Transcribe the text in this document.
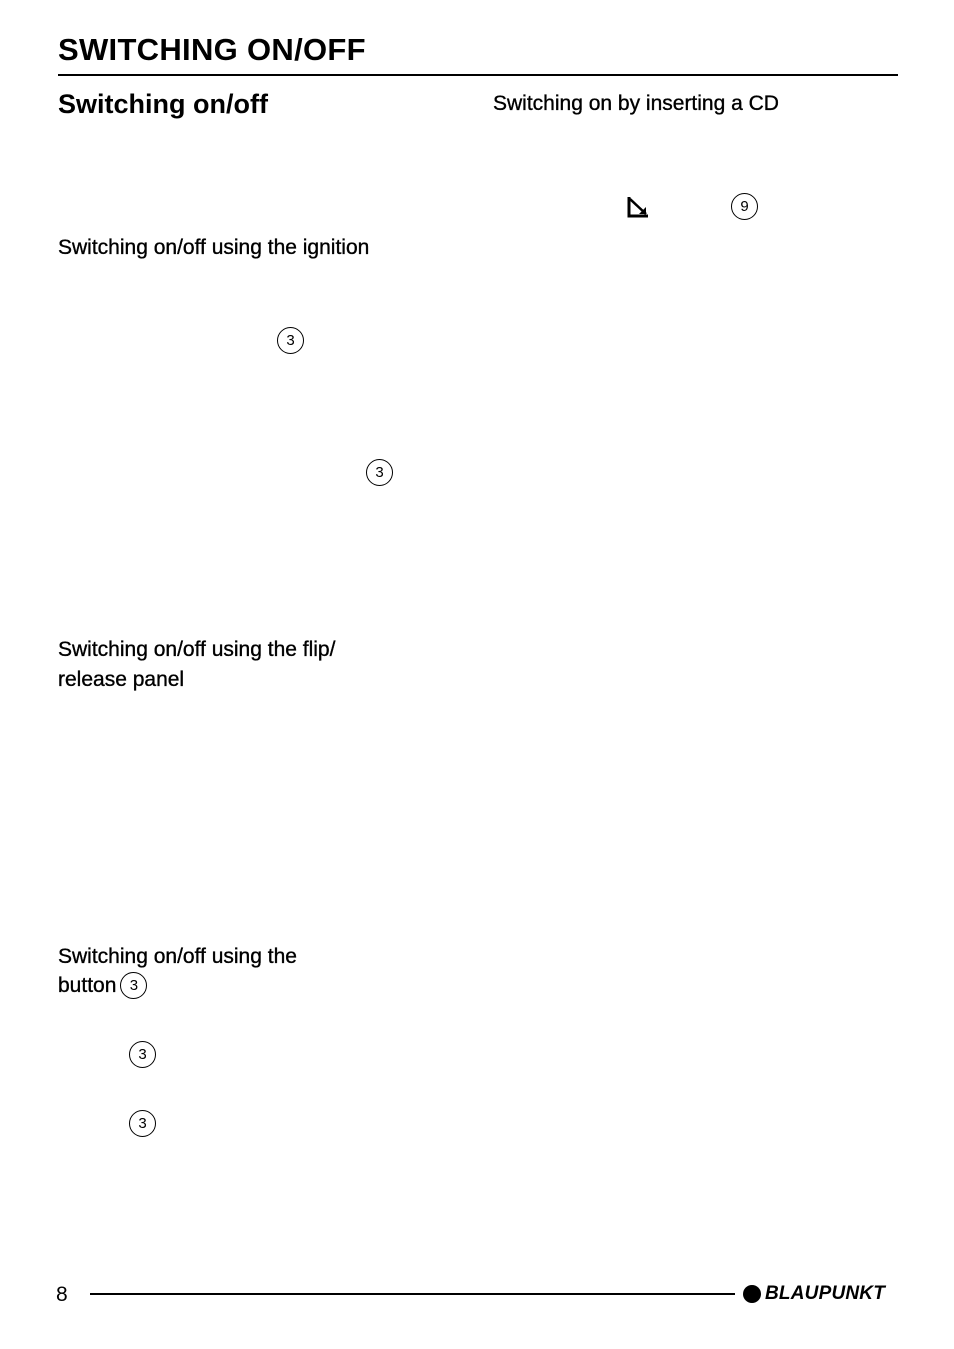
SWITCHING ON/OFF
Switching on/off
Switching on/off using the ignition
3
3
Switching on/off using the flip/
release panel
Switching on/off using the
button 3
3
3
Switching on by inserting a CD
9
8	BLAUPUNKT
